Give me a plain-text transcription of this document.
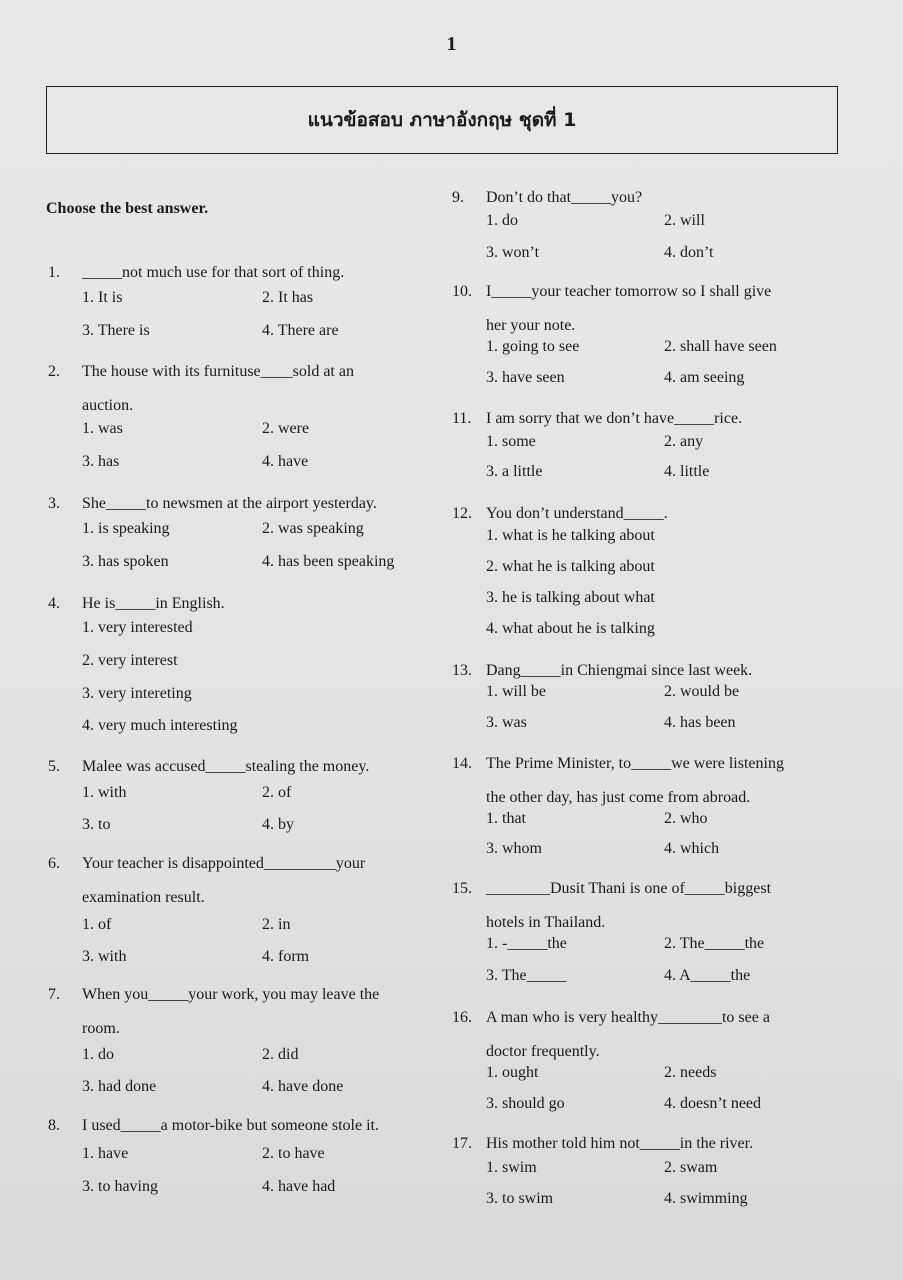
1
แนวข้อสอบ ภาษาอังกฤษ ชุดที่ 1
Choose the best answer.
1. _____not much use for that sort of thing.
1. It is	2. It has
3. There is	4. There are
2. The house with its furnituse____sold at an
auction.
1. was	2. were
3. has	4. have
3. She_____to newsmen at the airport yesterday.
1. is speaking	2. was speaking
3. has spoken	4. has been speaking
4. He is_____in English.
1. very interested
2. very interest
3. very intereting
4. very much interesting
5. Malee was accused_____stealing the money.
1. with	2. of
3. to	4. by
6. Your teacher is disappointed_________your
examination result.
1. of	2. in
3. with	4. form
7. When you_____your work, you may leave the
room.
1. do	2. did
3. had done	4. have done
8. I used_____a motor-bike but someone stole it.
1. have	2. to have
3. to having	4. have had
9. Don’t do that_____you?
1. do	2. will
3. won’t	4. don’t
10. I_____your teacher tomorrow so I shall give
her your note.
1. going to see	2. shall have seen
3. have seen	4. am seeing
11. I am sorry that we don’t have_____rice.
1. some	2. any
3. a little	4. little
12. You don’t understand_____.
1. what is he talking about
2. what he is talking about
3. he is talking about what
4. what about he is talking
13. Dang_____in Chiengmai since last week.
1. will be	2. would be
3. was	4. has been
14. The Prime Minister, to_____we were listening
the other day, has just come from abroad.
1. that	2. who
3. whom	4. which
15. ________Dusit Thani is one of_____biggest
hotels in Thailand.
1. -_____the	2. The_____the
3. The_____	4. A_____the
16. A man who is very healthy________to see a
doctor frequently.
1. ought	2. needs
3. should go	4. doesn’t need
17. His mother told him not_____in the river.
1. swim	2. swam
3. to swim	4. swimming
